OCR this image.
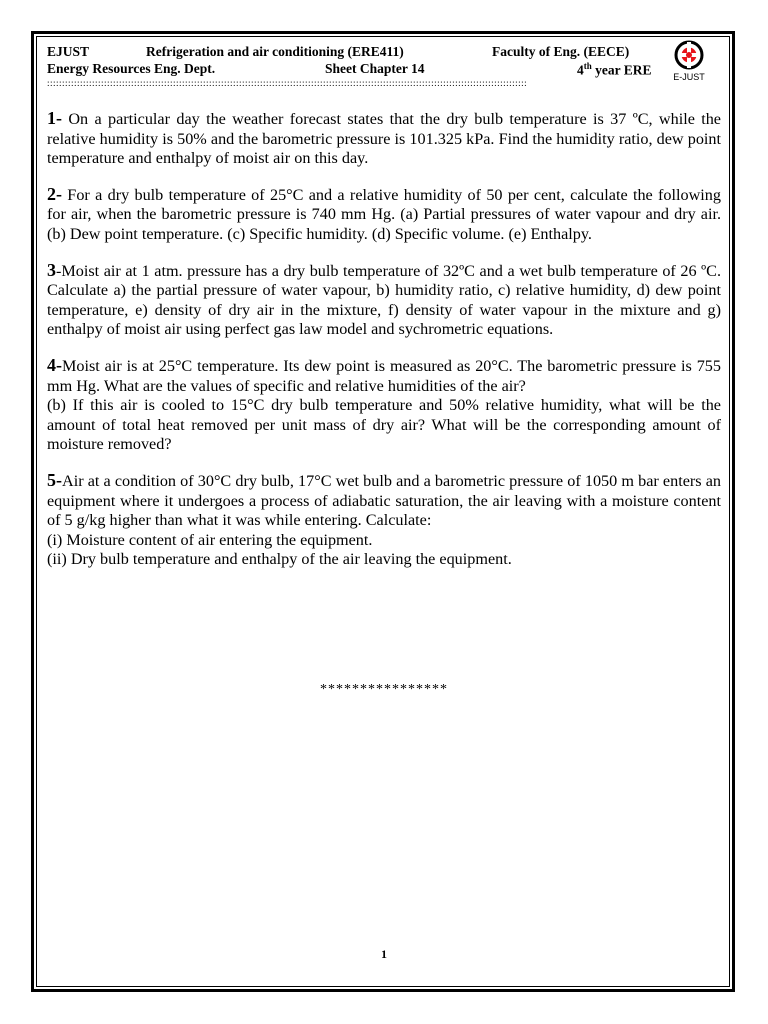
EJUST	Refrigeration and air conditioning (ERE411)	Faculty of Eng. (EECE)
Energy Resources Eng. Dept.	Sheet Chapter 14	4th year ERE
::::::::::::::::::::::::::::::::::::::::::::::::::::::::::::::::::::::::::::::::::::::::::::::::::::::::::::::::::::::::::::::::::::::::::::::::::::::::::::::::
E-JUST

1- On a particular day the weather forecast states that the dry bulb temperature is 37 ºC, while the relative humidity is 50% and the barometric pressure is 101.325 kPa. Find the humidity ratio, dew point temperature and enthalpy of moist air on this day.

2- For a dry bulb temperature of 25°C and a relative humidity of 50 per cent, calculate the following for air, when the barometric pressure is 740 mm Hg. (a) Partial pressures of water vapour and dry air. (b) Dew point temperature. (c) Specific humidity. (d) Specific volume. (e) Enthalpy.

3-Moist air at 1 atm. pressure has a dry bulb temperature of 32ºC and a wet bulb temperature of 26 ºC. Calculate a) the partial pressure of water vapour, b) humidity ratio, c) relative humidity, d) dew point temperature, e) density of dry air in the mixture, f) density of water vapour in the mixture and g) enthalpy of moist air using perfect gas law model and sychrometric equations.

4-Moist air is at 25°C temperature. Its dew point is measured as 20°C. The barometric pressure is 755 mm Hg. What are the values of specific and relative humidities of the air?

(b) If this air is cooled to 15°C dry bulb temperature and 50% relative humidity, what will be the amount of total heat removed per unit mass of dry air? What will be the corresponding amount of moisture removed?

5-Air at a condition of 30°C dry bulb, 17°C wet bulb and a barometric pressure of 1050 m bar enters an equipment where it undergoes a process of adiabatic saturation, the air leaving with a moisture content of 5 g/kg higher than what it was while entering. Calculate:

(i) Moisture content of air entering the equipment.

(ii) Dry bulb temperature and enthalpy of the air leaving the equipment.

****************
1
